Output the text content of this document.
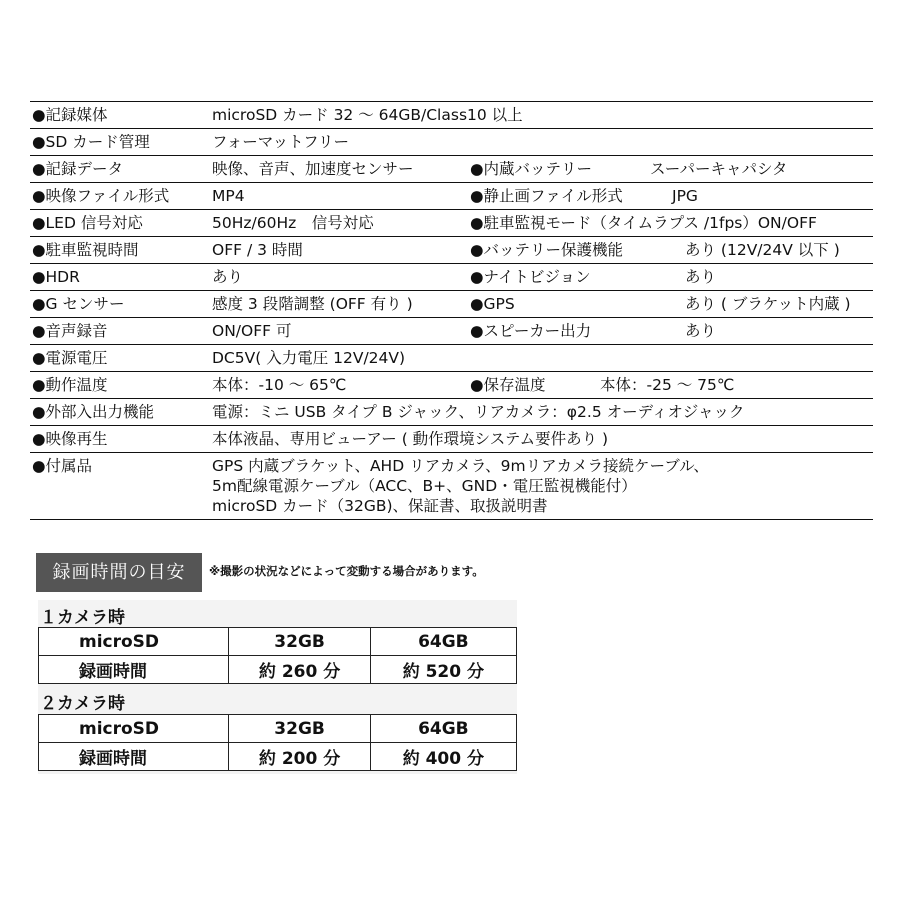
●記録媒体	microSD カード 32 ～ 64GB/Class10 以上
●SD カード管理	フォーマットフリー
●記録データ	映像、音声、加速度センサー	●内蔵バッテリー	スーパーキャパシタ
●映像ファイル形式	MP4	●静止画ファイル形式	JPG
●LED 信号対応	50Hz/60Hz　信号対応	●駐車監視モード（タイムラプス /1fps）ON/OFF
●駐車監視時間	OFF / 3 時間	●バッテリー保護機能	あり (12V/24V 以下 )
●HDR	あり	●ナイトビジョン	あり
●G センサー	感度 3 段階調整 (OFF 有り )	●GPS	あり ( ブラケット内蔵 )
●音声録音	ON/OFF 可	●スピーカー出力	あり
●電源電圧	DC5V( 入力電圧 12V/24V)
●動作温度	本体：-10 ～ 65℃	●保存温度	本体：-25 ～ 75℃
●外部入出力機能	電源：ミニ USB タイプ B ジャック、リアカメラ：φ2.5 オーディオジャック
●映像再生	本体液晶、専用ビューアー ( 動作環境システム要件あり )
●付属品	GPS 内蔵ブラケット、AHD リアカメラ、9mリアカメラ接続ケーブル、
5m配線電源ケーブル（ACC、B+、GND・電圧監視機能付）
microSD カード（32GB)、保証書、取扱説明書
録画時間の目安	※撮影の状況などによって変動する場合があります。
１カメラ時
microSD	32GB	64GB
録画時間	約 260 分	約 520 分
２カメラ時
microSD	32GB	64GB
録画時間	約 200 分	約 400 分
